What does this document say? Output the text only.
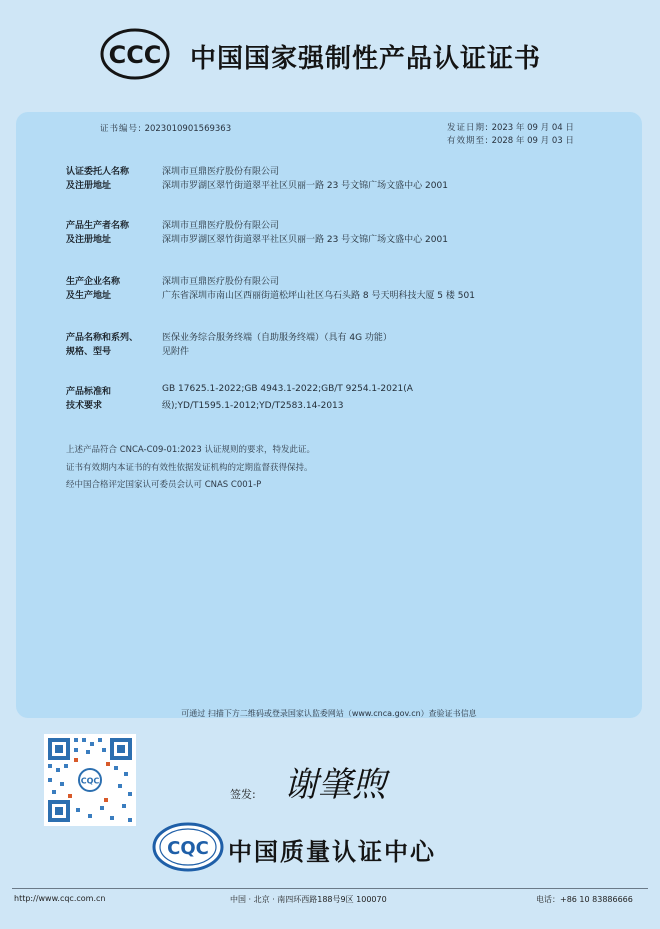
CCC 中国国家强制性产品认证证书
证书编号: 2023010901569363	发证日期: 2023 年 09 月 04 日
有效期至: 2028 年 09 月 03 日
认证委托人名称	深圳市亘鼎医疗股份有限公司
及注册地址	深圳市罗湖区翠竹街道翠平社区贝丽一路 23 号文锦广场文盛中心 2001
产品生产者名称	深圳市亘鼎医疗股份有限公司
及注册地址	深圳市罗湖区翠竹街道翠平社区贝丽一路 23 号文锦广场文盛中心 2001
生产企业名称	深圳市亘鼎医疗股份有限公司
及生产地址	广东省深圳市南山区西丽街道松坪山社区乌石头路 8 号天明科技大厦 5 楼 501
产品名称和系列、	医保业务综合服务终端（自助服务终端）（具有 4G 功能）
规格、型号	见附件
产品标准和	GB 17625.1-2022;GB 4943.1-2022;GB/T 9254.1-2021(A
技术要求	级);YD/T1595.1-2012;YD/T2583.14-2013
上述产品符合 CNCA-C09-01:2023 认证规则的要求，特发此证。
证书有效期内本证书的有效性依据发证机构的定期监督获得保持。
经中国合格评定国家认可委员会认可 CNAS C001-P
可通过 扫描下方二维码或登录国家认监委网站（www.cnca.gov.cn）查验证书信息
CQC
签发: 谢肇煦
CQC 中国质量认证中心
http://www.cqc.com.cn	中国 · 北京 · 南四环西路188号9区 100070	电话：+86 10 83886666
